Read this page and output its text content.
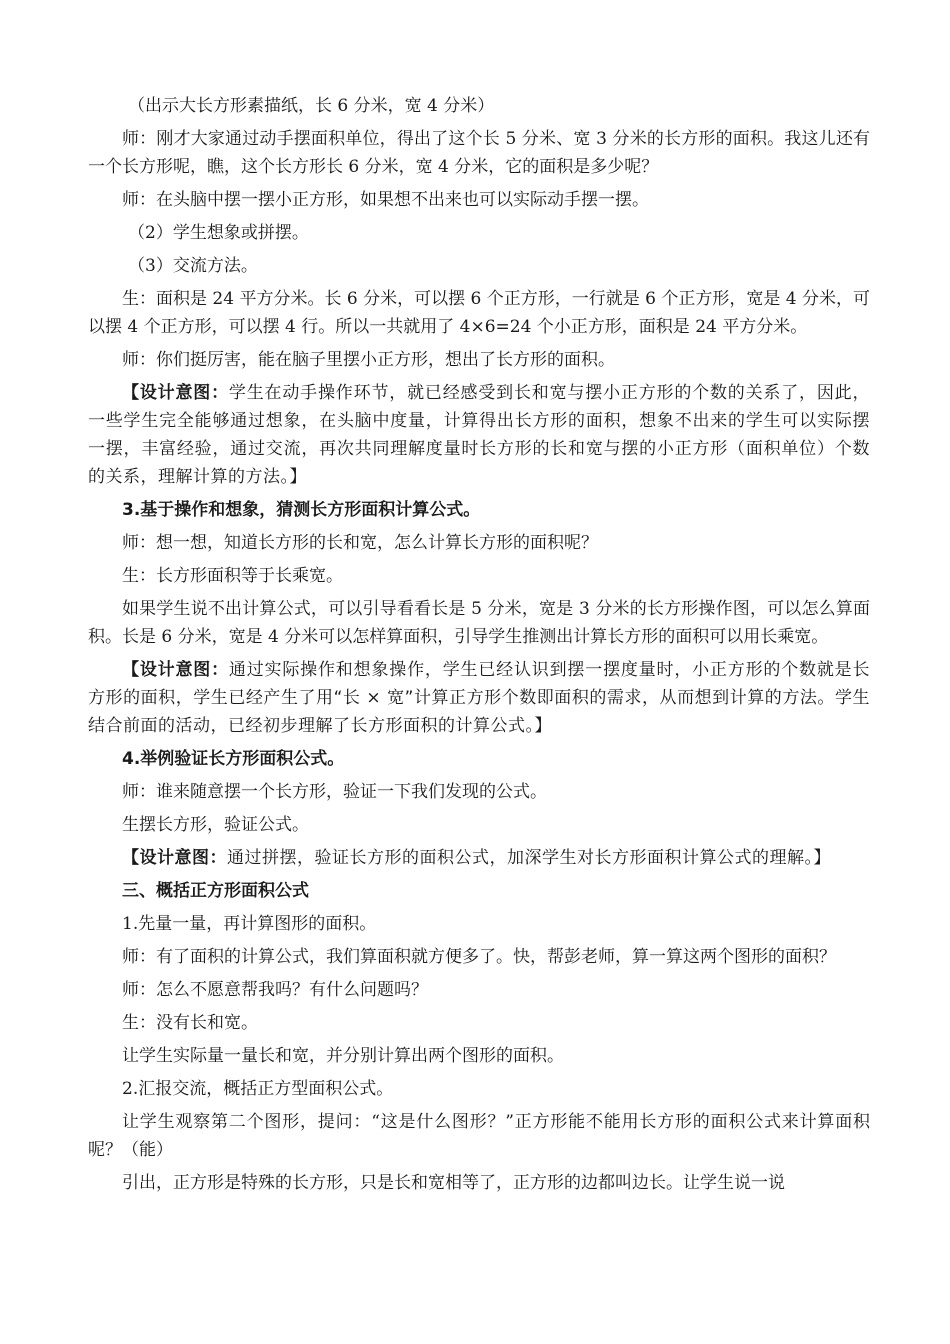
（出示大长方形素描纸，长 6 分米，宽 4 分米）

师：刚才大家通过动手摆面积单位，得出了这个长 5 分米、宽 3 分米的长方形的面积。我这儿还有一个长方形呢，瞧，这个长方形长 6 分米，宽 4 分米，它的面积是多少呢？

师：在头脑中摆一摆小正方形，如果想不出来也可以实际动手摆一摆。

（2）学生想象或拼摆。

（3）交流方法。

生：面积是 24 平方分米。长 6 分米，可以摆 6 个正方形，一行就是 6 个正方形，宽是 4 分米，可以摆 4 个正方形，可以摆 4 行。所以一共就用了 4×6=24 个小正方形，面积是 24 平方分米。

师：你们挺厉害，能在脑子里摆小正方形，想出了长方形的面积。

【设计意图：学生在动手操作环节，就已经感受到长和宽与摆小正方形的个数的关系了，因此，一些学生完全能够通过想象，在头脑中度量，计算得出长方形的面积，想象不出来的学生可以实际摆一摆，丰富经验，通过交流，再次共同理解度量时长方形的长和宽与摆的小正方形（面积单位）个数的关系，理解计算的方法。】

3.基于操作和想象，猜测长方形面积计算公式。

师：想一想，知道长方形的长和宽，怎么计算长方形的面积呢？

生：长方形面积等于长乘宽。

如果学生说不出计算公式，可以引导看看长是 5 分米，宽是 3 分米的长方形操作图，可以怎么算面积。长是 6 分米，宽是 4 分米可以怎样算面积，引导学生推测出计算长方形的面积可以用长乘宽。

【设计意图：通过实际操作和想象操作，学生已经认识到摆一摆度量时，小正方形的个数就是长方形的面积，学生已经产生了用“长 × 宽”计算正方形个数即面积的需求，从而想到计算的方法。学生结合前面的活动，已经初步理解了长方形面积的计算公式。】

4.举例验证长方形面积公式。

师：谁来随意摆一个长方形，验证一下我们发现的公式。

生摆长方形，验证公式。

【设计意图：通过拼摆，验证长方形的面积公式，加深学生对长方形面积计算公式的理解。】

三、概括正方形面积公式

1.先量一量，再计算图形的面积。

师：有了面积的计算公式，我们算面积就方便多了。快，帮彭老师，算一算这两个图形的面积？

师：怎么不愿意帮我吗？有什么问题吗？

生：没有长和宽。

让学生实际量一量长和宽，并分别计算出两个图形的面积。

2.汇报交流，概括正方型面积公式。

让学生观察第二个图形，提问：“这是什么图形？”正方形能不能用长方形的面积公式来计算面积呢？（能）

引出，正方形是特殊的长方形，只是长和宽相等了，正方形的边都叫边长。让学生说一说
